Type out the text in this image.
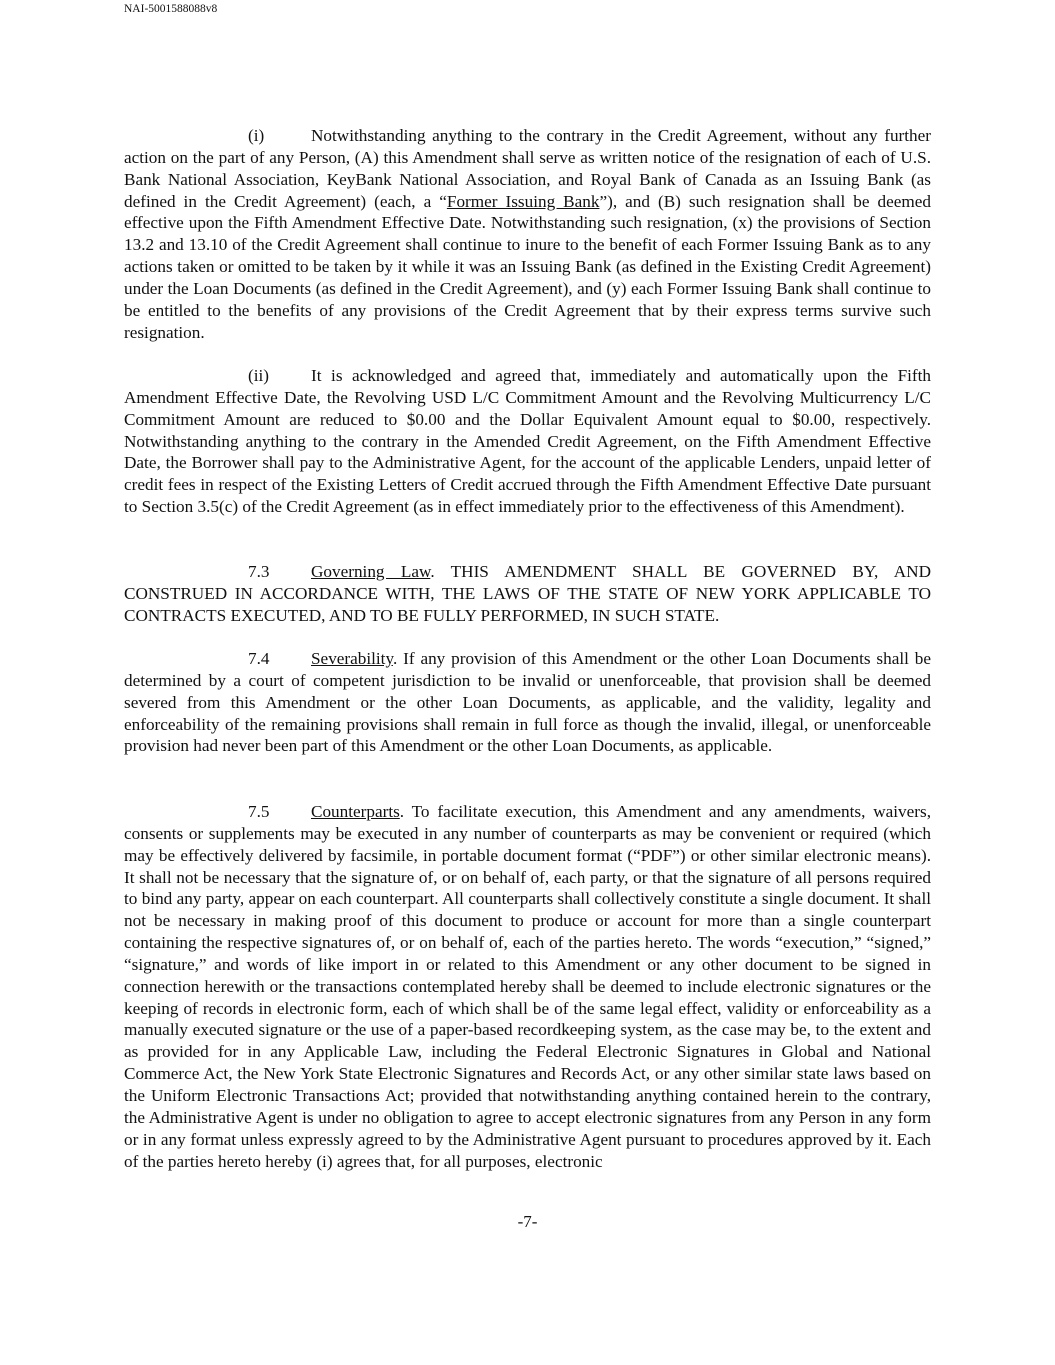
NAI-5001588088v8

(i)	Notwithstanding anything to the contrary in the Credit Agreement, without any further action on the part of any Person, (A) this Amendment shall serve as written notice of the resignation of each of U.S. Bank National Association, KeyBank National Association, and Royal Bank of Canada as an Issuing Bank (as defined in the Credit Agreement) (each, a “Former Issuing Bank”), and (B) such resignation shall be deemed effective upon the Fifth Amendment Effective Date. Notwithstanding such resignation, (x) the provisions of Section 13.2 and 13.10 of the Credit Agreement shall continue to inure to the benefit of each Former Issuing Bank as to any actions taken or omitted to be taken by it while it was an Issuing Bank (as defined in the Existing Credit Agreement) under the Loan Documents (as defined in the Credit Agreement), and (y) each Former Issuing Bank shall continue to be entitled to the benefits of any provisions of the Credit Agreement that by their express terms survive such resignation.

(ii) It is acknowledged and agreed that, immediately and automatically upon the Fifth Amendment Effective Date, the Revolving USD L/C Commitment Amount and the Revolving Multicurrency L/C Commitment Amount are reduced to $0.00 and the Dollar Equivalent Amount equal to $0.00, respectively. Notwithstanding anything to the contrary in the Amended Credit Agreement, on the Fifth Amendment Effective Date, the Borrower shall pay to the Administrative Agent, for the account of the applicable Lenders, unpaid letter of credit fees in respect of the Existing Letters of Credit accrued through the Fifth Amendment Effective Date pursuant to Section 3.5(c) of the Credit Agreement (as in effect immediately prior to the effectiveness of this Amendment).

7.3 Governing Law. THIS AMENDMENT SHALL BE GOVERNED BY, AND CONSTRUED IN ACCORDANCE WITH, THE LAWS OF THE STATE OF NEW YORK APPLICABLE TO CONTRACTS EXECUTED, AND TO BE FULLY PERFORMED, IN SUCH STATE.

7.4 Severability. If any provision of this Amendment or the other Loan Documents shall be determined by a court of competent jurisdiction to be invalid or unenforceable, that provision shall be deemed severed from this Amendment or the other Loan Documents, as applicable, and the validity, legality and enforceability of the remaining provisions shall remain in full force as though the invalid, illegal, or unenforceable provision had never been part of this Amendment or the other Loan Documents, as applicable.

7.5 Counterparts. To facilitate execution, this Amendment and any amendments, waivers, consents or supplements may be executed in any number of counterparts as may be convenient or required (which may be effectively delivered by facsimile, in portable document format (“PDF”) or other similar electronic means). It shall not be necessary that the signature of, or on behalf of, each party, or that the signature of all persons required to bind any party, appear on each counterpart. All counterparts shall collectively constitute a single document. It shall not be necessary in making proof of this document to produce or account for more than a single counterpart containing the respective signatures of, or on behalf of, each of the parties hereto. The words “execution,” “signed,” “signature,” and words of like import in or related to this Amendment or any other document to be signed in connection herewith or the transactions contemplated hereby shall be deemed to include electronic signatures or the keeping of records in electronic form, each of which shall be of the same legal effect, validity or enforceability as a manually executed signature or the use of a paper-based recordkeeping system, as the case may be, to the extent and as provided for in any Applicable Law, including the Federal Electronic Signatures in Global and National Commerce Act, the New York State Electronic Signatures and Records Act, or any other similar state laws based on the Uniform Electronic Transactions Act; provided that notwithstanding anything contained herein to the contrary, the Administrative Agent is under no obligation to agree to accept electronic signatures from any Person in any form or in any format unless expressly agreed to by the Administrative Agent pursuant to procedures approved by it. Each of the parties hereto hereby (i) agrees that, for all purposes, electronic

-7-
